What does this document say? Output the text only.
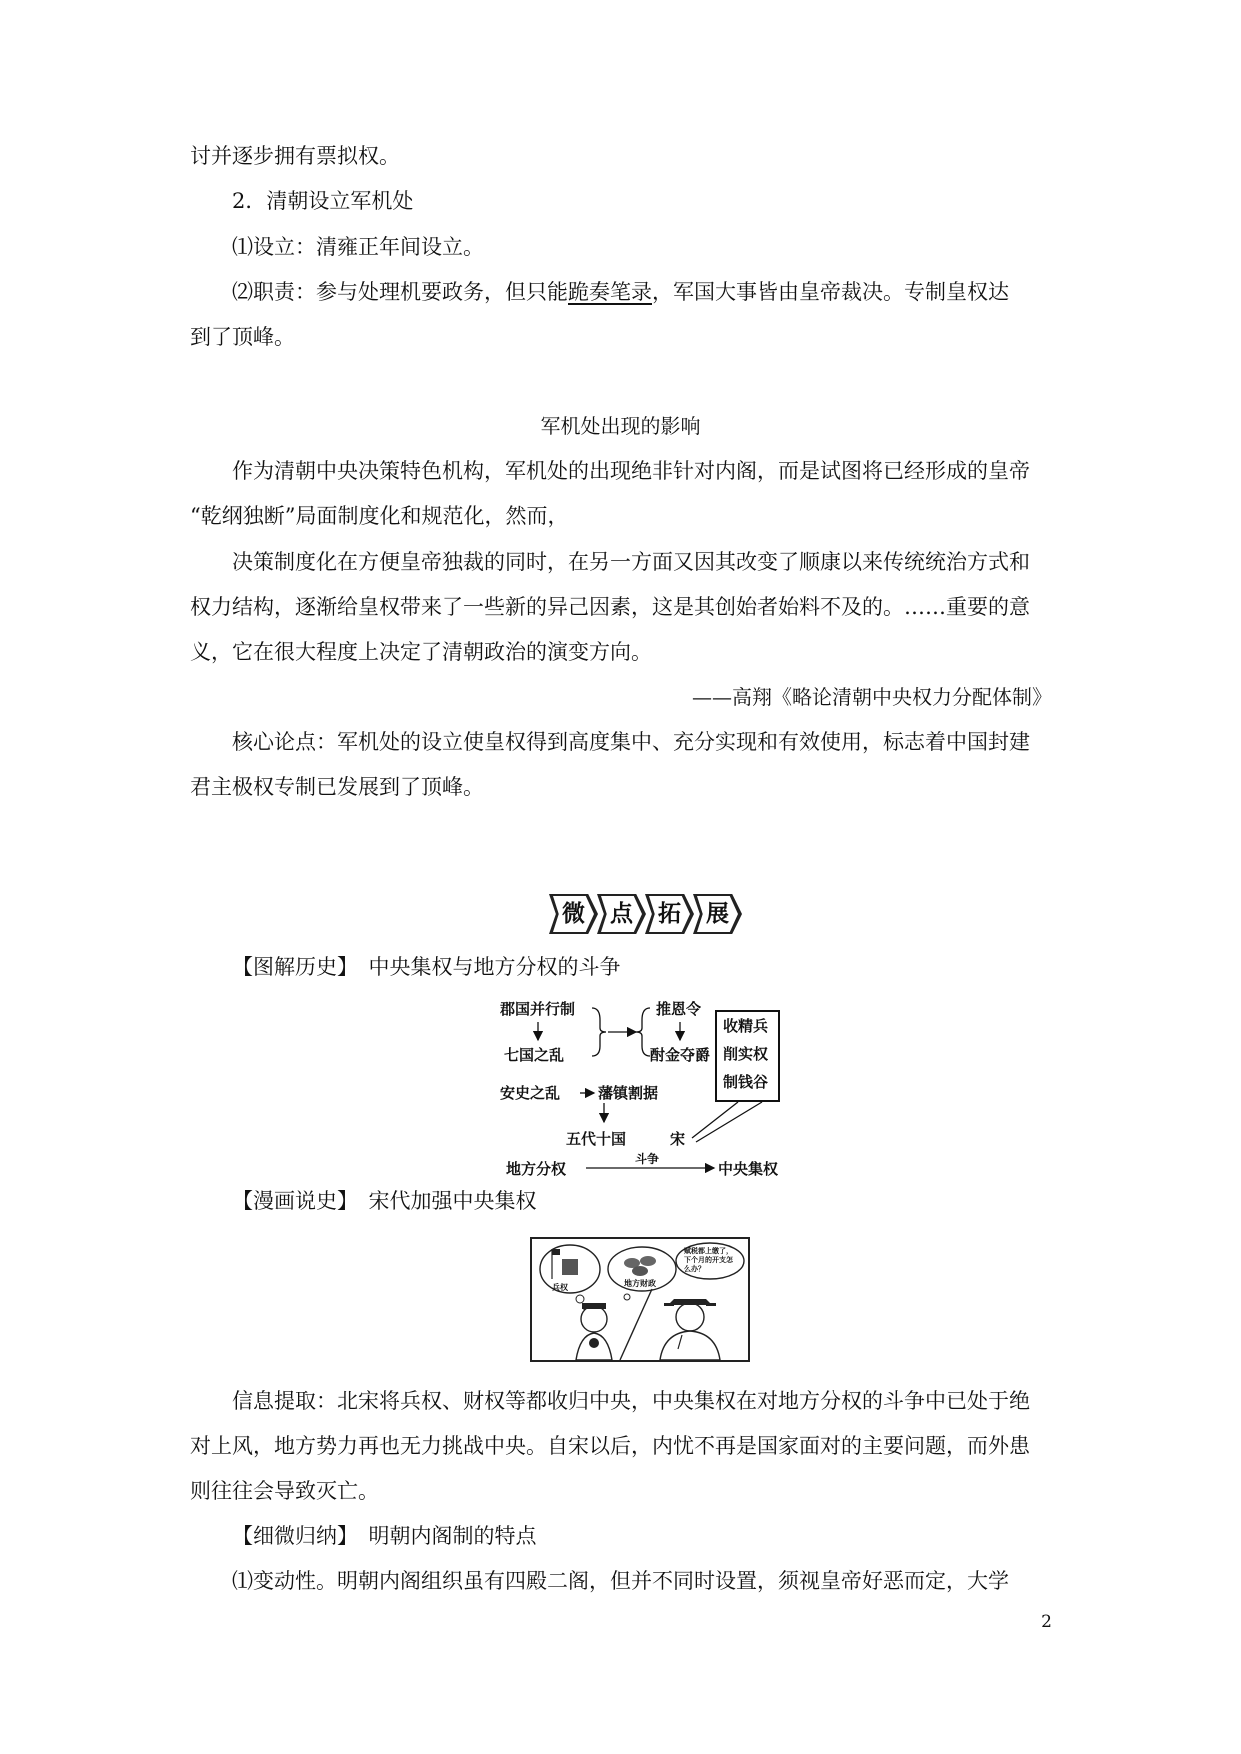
讨并逐步拥有票拟权。
2．清朝设立军机处
⑴设立：清雍正年间设立。
⑵职责：参与处理机要政务，但只能跪奏笔录，军国大事皆由皇帝裁决。专制皇权达
到了顶峰。
军机处出现的影响
作为清朝中央决策特色机构，军机处的出现绝非针对内阁，而是试图将已经形成的皇帝
“乾纲独断”局面制度化和规范化，然而，
决策制度化在方便皇帝独裁的同时，在另一方面又因其改变了顺康以来传统统治方式和
权力结构，逐渐给皇权带来了一些新的异己因素，这是其创始者始料不及的。……重要的意
义，它在很大程度上决定了清朝政治的演变方向。
——高翔《略论清朝中央权力分配体制》
核心论点：军机处的设立使皇权得到高度集中、充分实现和有效使用，标志着中国封建
君主极权专制已发展到了顶峰。
微	点	拓	展
【图解历史】　中央集权与地方分权的斗争
郡国并行制
七国之乱
推恩令
酎金夺爵
收精兵
削实权
制钱谷
安史之乱	藩镇割据
五代十国	宋
地方分权
斗争
中央集权
【漫画说史】　宋代加强中央集权
兵权	地方财政
赋税都上缴了，下个月的开支怎么办？
信息提取：北宋将兵权、财权等都收归中央，中央集权在对地方分权的斗争中已处于绝
对上风，地方势力再也无力挑战中央。自宋以后，内忧不再是国家面对的主要问题，而外患
则往往会导致灭亡。
【细微归纳】　明朝内阁制的特点
⑴变动性。明朝内阁组织虽有四殿二阁，但并不同时设置，须视皇帝好恶而定，大学
2
